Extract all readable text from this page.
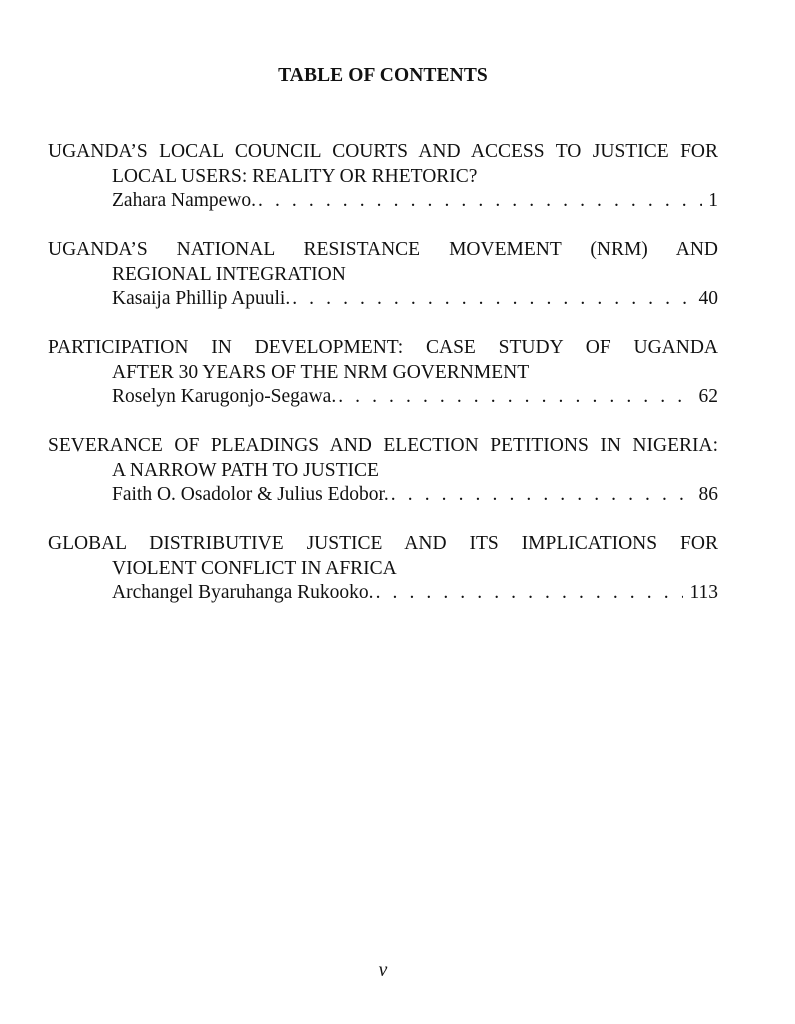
TABLE OF CONTENTS
UGANDA’S LOCAL COUNCIL COURTS AND ACCESS TO JUSTICE FOR
LOCAL USERS: REALITY OR RHETORIC?
Zahara Nampewo. . . .	1
UGANDA’S NATIONAL RESISTANCE MOVEMENT (NRM) AND
REGIONAL INTEGRATION
Kasaija Phillip Apuuli. . . .	40
PARTICIPATION IN DEVELOPMENT: CASE STUDY OF UGANDA
AFTER 30 YEARS OF THE NRM GOVERNMENT
Roselyn Karugonjo-Segawa. . . .	62
SEVERANCE OF PLEADINGS AND ELECTION PETITIONS IN NIGERIA:
A NARROW PATH TO JUSTICE
Faith O. Osadolor & Julius Edobor. . . .	86
GLOBAL DISTRIBUTIVE JUSTICE AND ITS IMPLICATIONS FOR
VIOLENT CONFLICT IN AFRICA
Archangel Byaruhanga Rukooko. . . .	113
v
